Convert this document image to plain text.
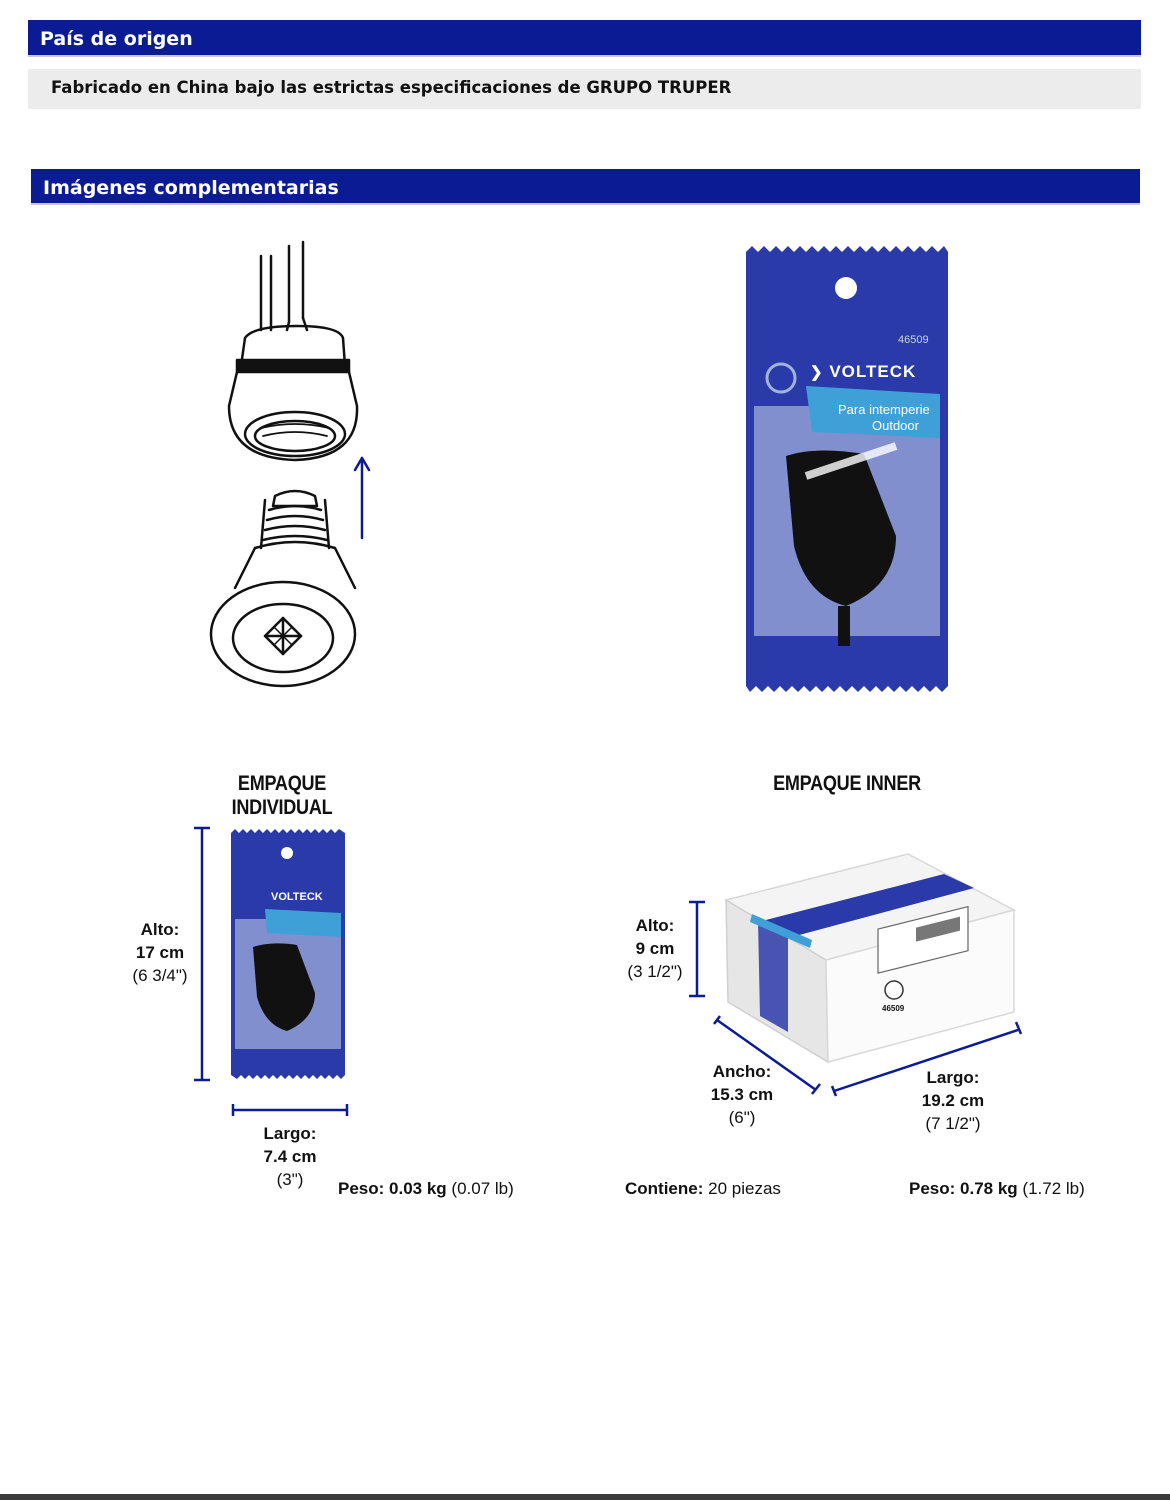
País de origen
Fabricado en China bajo las estrictas especificaciones de GRUPO TRUPER
Imágenes complementarias
46509
❯ VOLTECK
Para intemperie
Outdoor
EMPAQUE INDIVIDUAL
Alto:
17 cm
(6 3/4")
VOLTECK
Largo:
7.4 cm
(3")	Peso: 0.03 kg (0.07 lb)
EMPAQUE INNER
Alto:
9 cm
(3 1/2")
46509
Ancho:
15.3 cm
(6")
Largo:
19.2 cm
(7 1/2")
Contiene: 20 piezas	Peso: 0.78 kg (1.72 lb)
